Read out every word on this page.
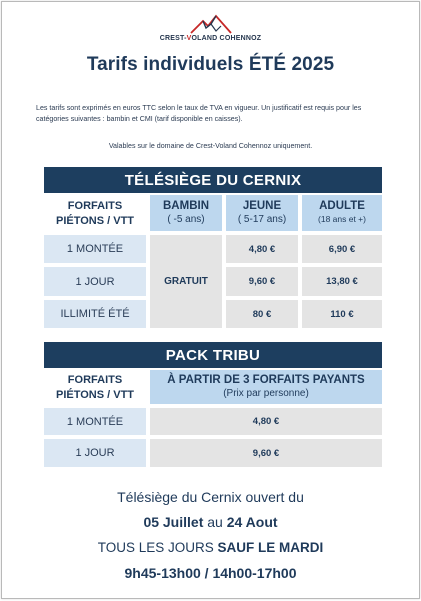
CREST-VOLAND COHENNOZ
Tarifs individuels ÉTÉ 2025
Les tarifs sont exprimés en euros TTC selon le taux de TVA en vigueur. Un justificatif est requis pour les catégories suivantes : bambin et CMI (tarif disponible en caisses).
Valables sur le domaine de Crest-Voland Cohennoz uniquement.
TÉLÉSIÈGE DU CERNIX
FORFAITS
PIÉTONS / VTT
BAMBIN
( -5 ans)
JEUNE
( 5-17 ans)
ADULTE
(18 ans et +)
1 MONTÉE
1 JOUR
ILLIMITÉ ÉTÉ
GRATUIT
4,80 €
9,60 €
80 €
6,90 €
13,80 €
110 €
PACK TRIBU
FORFAITS
PIÉTONS / VTT
À PARTIR DE 3 FORFAITS PAYANTS
(Prix par personne)
1 MONTÉE
1 JOUR
4,80 €
9,60 €
Télésiège du Cernix ouvert du
05 Juillet au 24 Aout
TOUS LES JOURS SAUF LE MARDI
9h45-13h00 / 14h00-17h00
